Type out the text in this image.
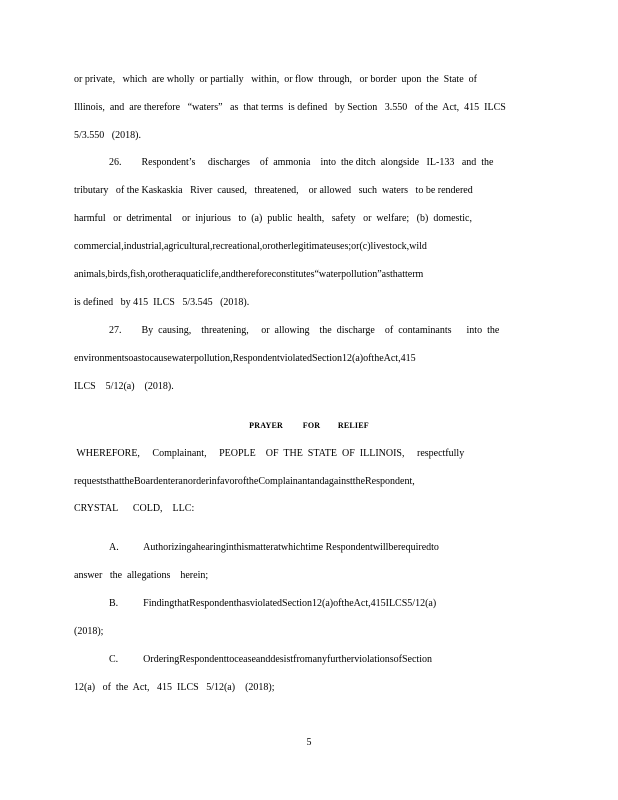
or private,   which  are wholly  or partially   within,  or flow  through,   or border  upon  the  State  of

Illinois,  and  are therefore   “waters”   as  that terms  is defined   by Section   3.550   of the  Act,  415  ILCS

5/3.550   (2018).

26.        Respondent’s     discharges    of  ammonia    into  the ditch  alongside   IL-133   and  the

tributary   of the Kaskaskia   River  caused,   threatened,    or allowed   such  waters   to be rendered

harmful   or  detrimental    or  injurious   to  (a)  public  health,   safety   or  welfare;   (b)  domestic,

commercial,industrial,agricultural,recreational,orotherlegitimateuses;or(c)livestock,wild

animals,birds,fish,orotheraquaticlife,andthereforeconstitutes“waterpollution”asthatterm

is defined   by 415  ILCS   5/3.545   (2018).

27.        By  causing,    threatening,     or  allowing    the  discharge    of  contaminants      into  the

environmentsoastocausewaterpollution,RespondentviolatedSection12(a)oftheAct,415

ILCS    5/12(a)    (2018).

PRAYER         FOR        RELIEF

WHEREFORE,     Complainant,     PEOPLE    OF  THE  STATE  OF  ILLINOIS,     respectfully

requeststhattheBoardenteranorderinfavoroftheComplainantandagainsttheRespondent,

CRYSTAL      COLD,    LLC:

A.          Authorizingahearinginthismatteratwhichtime Respondentwillberequiredto

answer   the  allegations    herein;

B.          FindingthatRespondenthasviolatedSection12(a)oftheAct,415ILCS5/12(a)

(2018);

C.          OrderingRespondenttoceaseanddesistfromanyfurtherviolationsofSection

12(a)   of  the  Act,   415  ILCS   5/12(a)    (2018);

5
